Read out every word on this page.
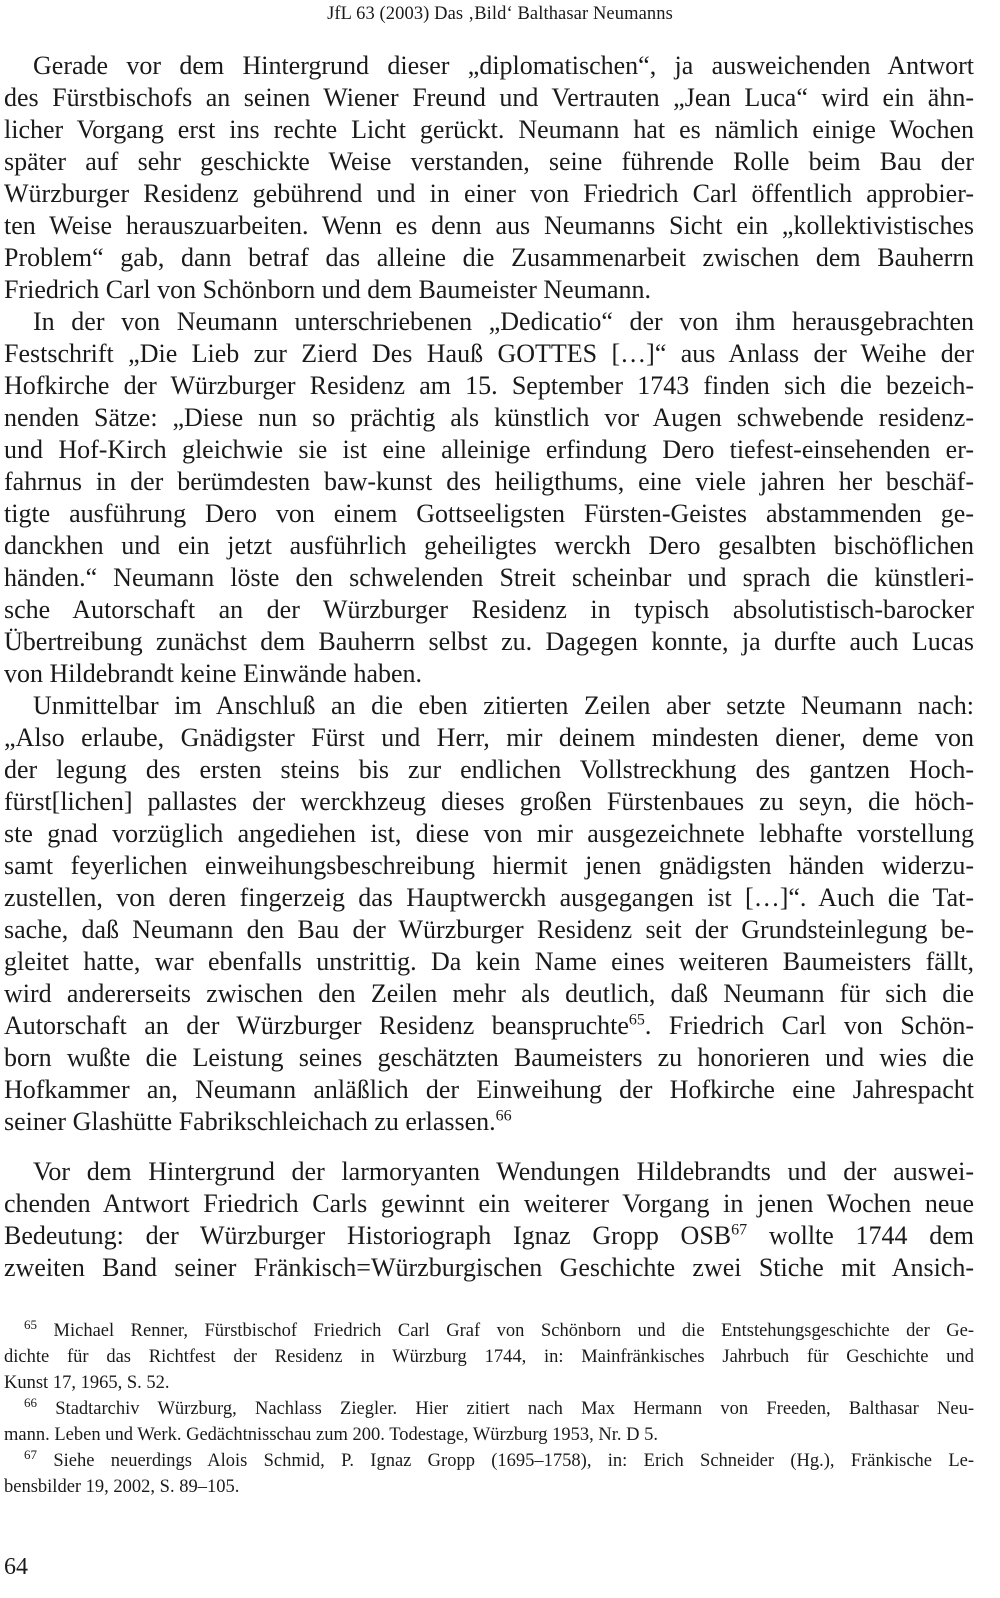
JfL 63 (2003) Das ‚Bild‘ Balthasar Neumanns
Gerade vor dem Hintergrund dieser „diplomatischen“, ja ausweichenden Antwort
des Fürstbischofs an seinen Wiener Freund und Vertrauten „Jean Luca“ wird ein ähn-
licher Vorgang erst ins rechte Licht gerückt. Neumann hat es nämlich einige Wochen
später auf sehr geschickte Weise verstanden, seine führende Rolle beim Bau der
Würzburger Residenz gebührend und in einer von Friedrich Carl öffentlich approbier-
ten Weise herauszuarbeiten. Wenn es denn aus Neumanns Sicht ein „kollektivistisches
Problem“ gab, dann betraf das alleine die Zusammenarbeit zwischen dem Bauherrn
Friedrich Carl von Schönborn und dem Baumeister Neumann.
In der von Neumann unterschriebenen „Dedicatio“ der von ihm herausgebrachten
Festschrift „Die Lieb zur Zierd Des Hauß GOTTES […]“ aus Anlass der Weihe der
Hofkirche der Würzburger Residenz am 15. September 1743 finden sich die bezeich-
nenden Sätze: „Diese nun so prächtig als künstlich vor Augen schwebende residenz-
und Hof-Kirch gleichwie sie ist eine alleinige erfindung Dero tiefest-einsehenden er-
fahrnus in der berümdesten baw-kunst des heiligthums, eine viele jahren her beschäf-
tigte ausführung Dero von einem Gottseeligsten Fürsten-Geistes abstammenden ge-
danckhen und ein jetzt ausführlich geheiligtes werckh Dero gesalbten bischöflichen
händen.“ Neumann löste den schwelenden Streit scheinbar und sprach die künstleri-
sche Autorschaft an der Würzburger Residenz in typisch absolutistisch-barocker
Übertreibung zunächst dem Bauherrn selbst zu. Dagegen konnte, ja durfte auch Lucas
von Hildebrandt keine Einwände haben.
Unmittelbar im Anschluß an die eben zitierten Zeilen aber setzte Neumann nach:
„Also erlaube, Gnädigster Fürst und Herr, mir deinem mindesten diener, deme von
der legung des ersten steins bis zur endlichen Vollstreckhung des gantzen Hoch-
fürst[lichen] pallastes der werckhzeug dieses großen Fürstenbaues zu seyn, die höch-
ste gnad vorzüglich angediehen ist, diese von mir ausgezeichnete lebhafte vorstellung
samt feyerlichen einweihungsbeschreibung hiermit jenen gnädigsten händen widerzu-
zustellen, von deren fingerzeig das Hauptwerckh ausgegangen ist […]“. Auch die Tat-
sache, daß Neumann den Bau der Würzburger Residenz seit der Grundsteinlegung be-
gleitet hatte, war ebenfalls unstrittig. Da kein Name eines weiteren Baumeisters fällt,
wird andererseits zwischen den Zeilen mehr als deutlich, daß Neumann für sich die
Autorschaft an der Würzburger Residenz beanspruchte$^{65}$. Friedrich Carl von Schön-
born wußte die Leistung seines geschätzten Baumeisters zu honorieren und wies die
Hofkammer an, Neumann anläßlich der Einweihung der Hofkirche eine Jahrespacht
seiner Glashütte Fabrikschleichach zu erlassen.$^{66}$
Vor dem Hintergrund der larmoryanten Wendungen Hildebrandts und der auswei-
chenden Antwort Friedrich Carls gewinnt ein weiterer Vorgang in jenen Wochen neue
Bedeutung: der Würzburger Historiograph Ignaz Gropp OSB$^{67}$ wollte 1744 dem
zweiten Band seiner Fränkisch=Würzburgischen Geschichte zwei Stiche mit Ansich-
$^{65}$ Michael Renner, Fürstbischof Friedrich Carl Graf von Schönborn und die Entstehungsgeschichte der Ge-
dichte für das Richtfest der Residenz in Würzburg 1744, in: Mainfränkisches Jahrbuch für Geschichte und
Kunst 17, 1965, S. 52.
$^{66}$ Stadtarchiv Würzburg, Nachlass Ziegler. Hier zitiert nach Max Hermann von Freeden, Balthasar Neu-
mann. Leben und Werk. Gedächtnisschau zum 200. Todestage, Würzburg 1953, Nr. D 5.
$^{67}$ Siehe neuerdings Alois Schmid, P. Ignaz Gropp (1695–1758), in: Erich Schneider (Hg.), Fränkische Le-
bensbilder 19, 2002, S. 89–105.
64
